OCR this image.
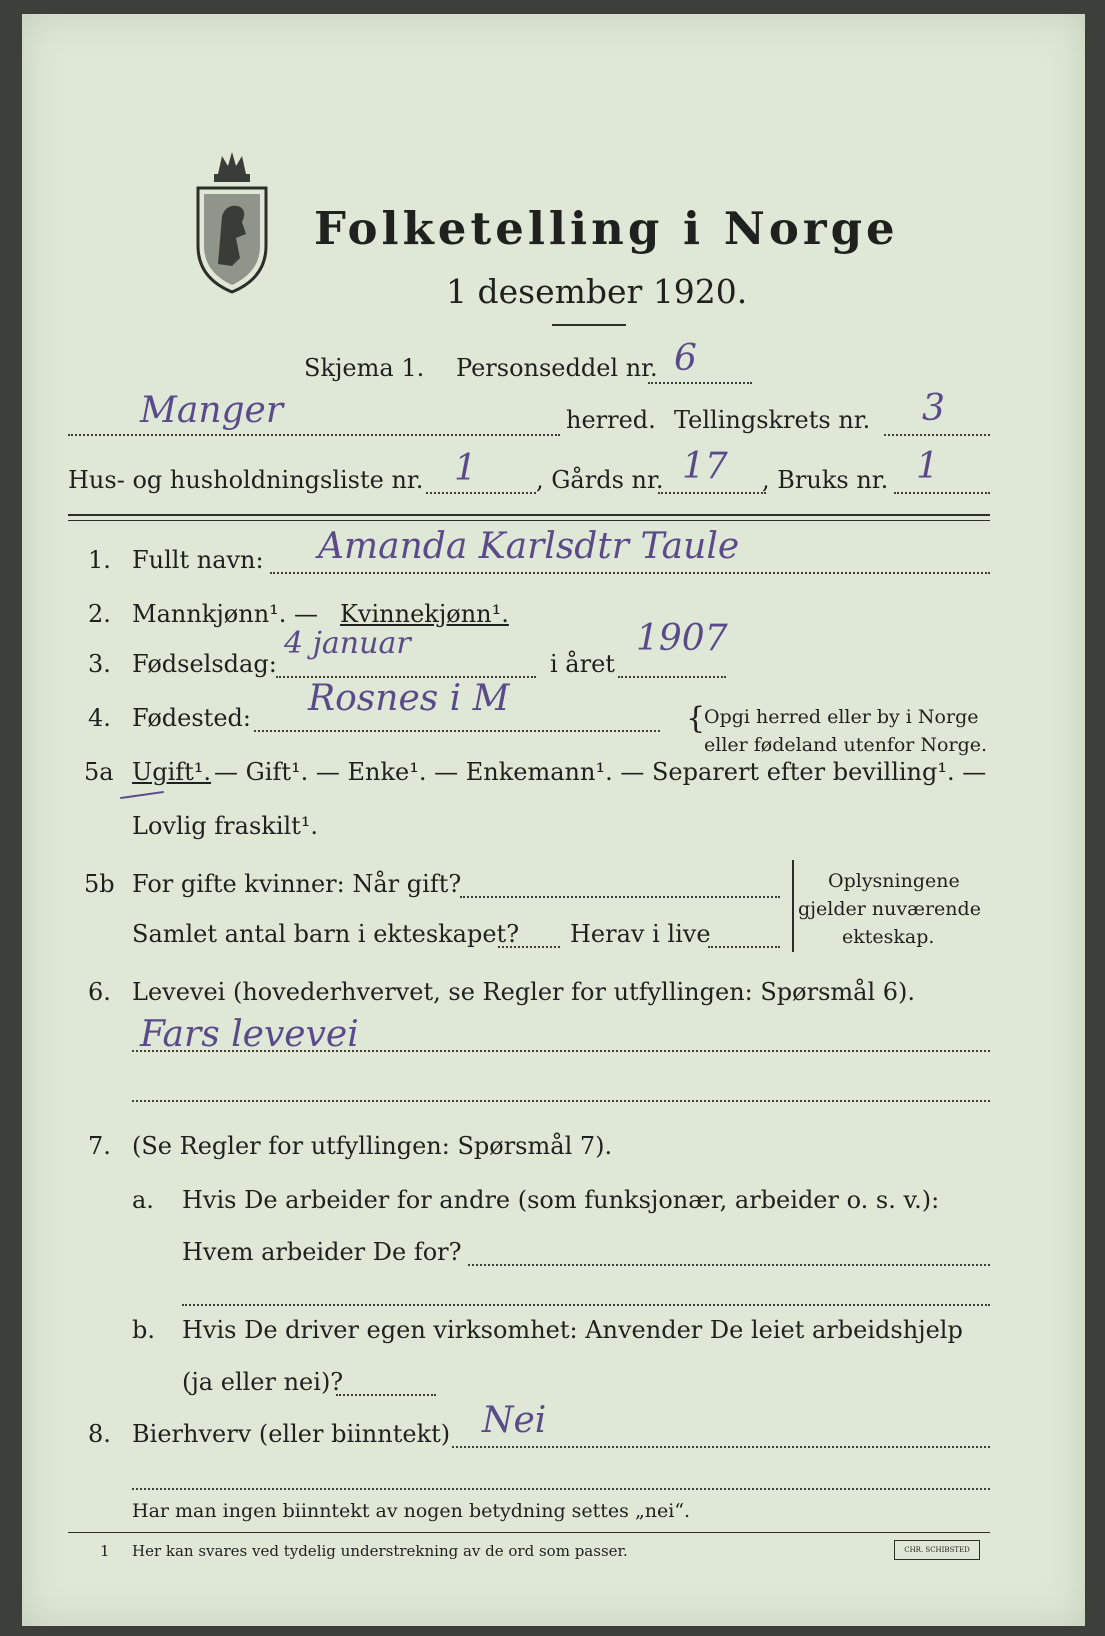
Folketelling i Norge
1 desember 1920.
Skjema 1. Personseddel nr. 6
Manger	herred. Tellingskrets nr. 3
Hus- og husholdningsliste nr. 1 , Gårds nr. 17 , Bruks nr. 1
1. Fullt navn: Amanda Karlsdtr Taule
2. Mannkjønn¹. — Kvinnekjønn¹.
3. Fødselsdag:
4 januar
i året
1907
4. Fødested: Rosnes i M	{
Opgi herred eller by i Norge
eller fødeland utenfor Norge.
5a Ugift¹. — Gift¹. — Enke¹. — Enkemann¹. — Separert efter bevilling¹. —
Lovlig fraskilt¹.
5b For gifte kvinner: Når gift?
Samlet antal barn i ekteskapet? Herav i live
Oplysningene
gjelder nuværende
ekteskap.
6. Levevei (hovederhvervet, se Regler for utfyllingen: Spørsmål 6).
Fars levevei
7. (Se Regler for utfyllingen: Spørsmål 7).
a. Hvis De arbeider for andre (som funksjonær, arbeider o. s. v.):
Hvem arbeider De for?
b. Hvis De driver egen virksomhet: Anvender De leiet arbeidshjelp
(ja eller nei)?
8. Bierhverv (eller biinntekt) Nei
Har man ingen biinntekt av nogen betydning settes „nei“.
1 Her kan svares ved tydelig understrekning av de ord som passer.	CHR. SCHIBSTED
